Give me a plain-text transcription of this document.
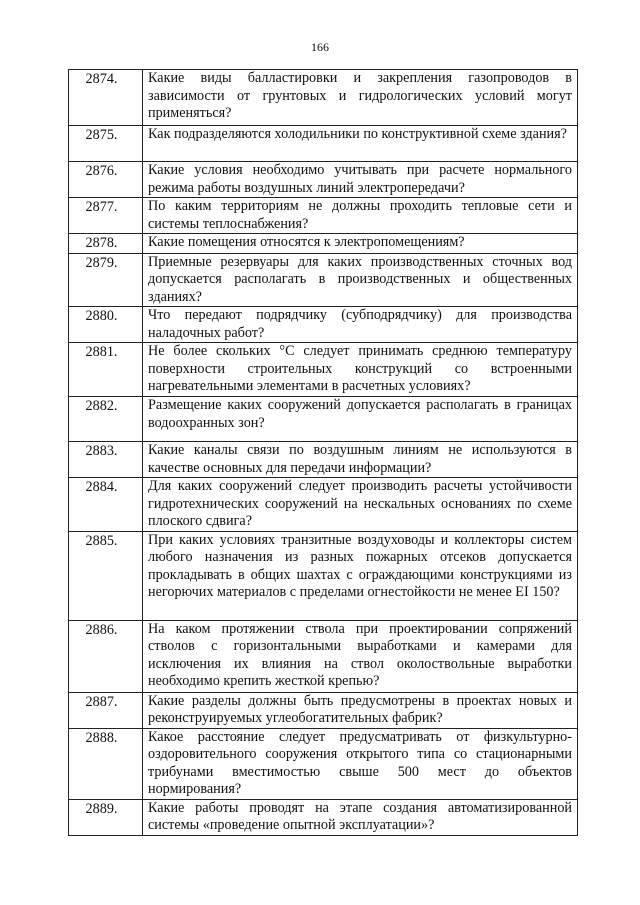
166
2874.	Какие виды балластировки и закрепления газопроводов в зависимости от грунтовых и гидрологических условий могут применяться?
2875.	Как подразделяются холодильники по конструктивной схеме здания?
2876.	Какие условия необходимо учитывать при расчете нормального режима работы воздушных линий электропередачи?
2877.	По каким территориям не должны проходить тепловые сети и системы теплоснабжения?
2878.	Какие помещения относятся к электропомещениям?
2879.	Приемные резервуары для каких производственных сточных вод допускается располагать в производственных и общественных зданиях?
2880.	Что передают подрядчику (субподрядчику) для производства наладочных работ?
2881.	Не более скольких °С следует принимать среднюю температуру поверхности строительных конструкций со встроенными нагревательными элементами в расчетных условиях?
2882.	Размещение каких сооружений допускается располагать в границах водоохранных зон?
2883.	Какие каналы связи по воздушным линиям не используются в качестве основных для передачи информации?
2884.	Для каких сооружений следует производить расчеты устойчивости гидротехнических сооружений на нескальных основаниях по схеме плоского сдвига?
2885.	При каких условиях транзитные воздуховоды и коллекторы систем любого назначения из разных пожарных отсеков допускается прокладывать в общих шахтах с ограждающими конструкциями из негорючих материалов с пределами огнестойкости не менее EI 150?
2886.	На каком протяжении ствола при проектировании сопряжений стволов с горизонтальными выработками и камерами для исключения их влияния на ствол околоствольные выработки необходимо крепить жесткой крепью?
2887.	Какие разделы должны быть предусмотрены в проектах новых и реконструируемых углеобогатительных фабрик?
2888.	Какое расстояние следует предусматривать от физкультурно-оздоровительного сооружения открытого типа со стационарными трибунами вместимостью свыше 500 мест до объектов нормирования?
2889.	Какие работы проводят на этапе создания автоматизированной системы «проведение опытной эксплуатации»?
